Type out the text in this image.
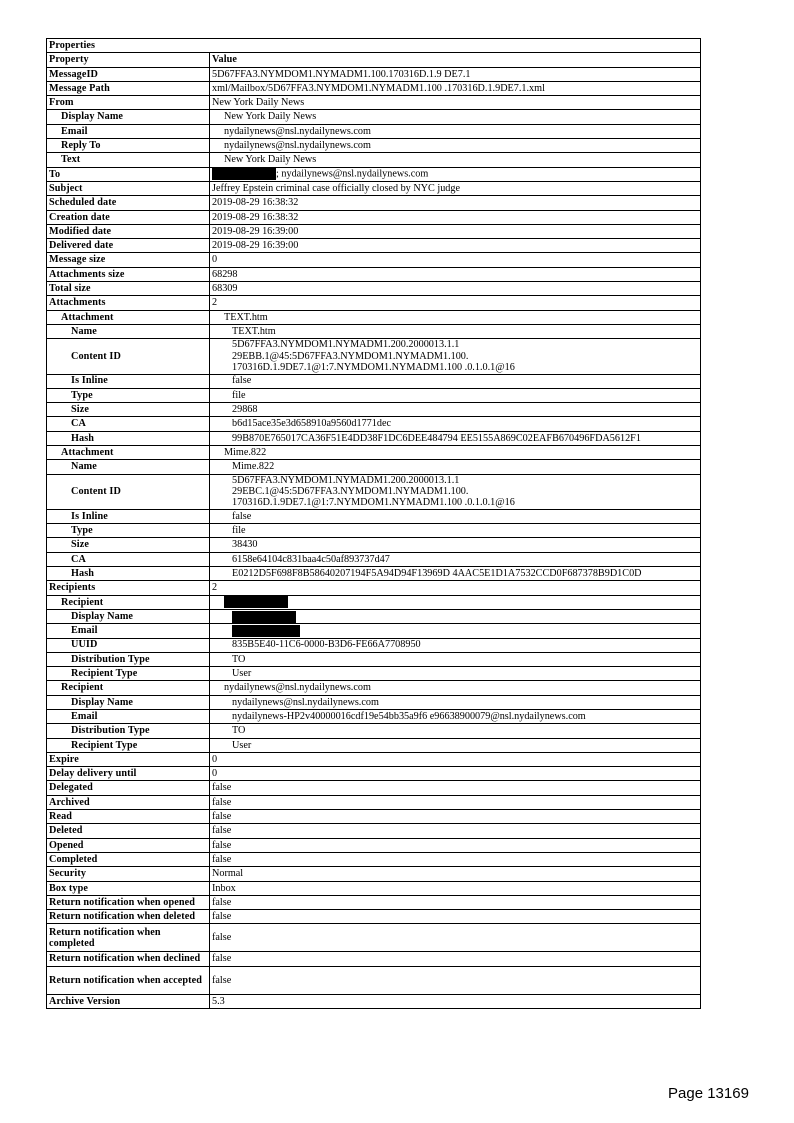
Properties	
Property	Value
MessageID	5D67FFA3.NYMDOM1.NYMADM1.100.170316D.1.9 DE7.1
Message Path	xml/Mailbox/5D67FFA3.NYMDOM1.NYMADM1.100 .170316D.1.9DE7.1.xml
From	New York Daily News
Display Name	New York Daily News
Email	nydailynews@nsl.nydailynews.com
Reply To	nydailynews@nsl.nydailynews.com
Text	New York Daily News
To	; nydailynews@nsl.nydailynews.com
Subject	Jeffrey Epstein criminal case officially closed by NYC judge
Scheduled date	2019-08-29 16:38:32
Creation date	2019-08-29 16:38:32
Modified date	2019-08-29 16:39:00
Delivered date	2019-08-29 16:39:00
Message size	0
Attachments size	68298
Total size	68309
Attachments	2
Attachment	TEXT.htm
Name	TEXT.htm
Content ID	5D67FFA3.NYMDOM1.NYMADM1.200.2000013.1.1
29EBB.1@45:5D67FFA3.NYMDOM1.NYMADM1.100.
170316D.1.9DE7.1@1:7.NYMDOM1.NYMADM1.100 .0.1.0.1@16

Is Inline	false
Type	file
Size	29868
CA	b6d15ace35e3d658910a9560d1771dec
Hash	99B870E765017CA36F51E4DD38F1DC6DEE484794 EE5155A869C02EAFB670496FDA5612F1
Attachment	Mime.822
Name	Mime.822
Content ID	5D67FFA3.NYMDOM1.NYMADM1.200.2000013.1.1
29EBC.1@45:5D67FFA3.NYMDOM1.NYMADM1.100.
170316D.1.9DE7.1@1:7.NYMDOM1.NYMADM1.100 .0.1.0.1@16

Is Inline	false
Type	file
Size	38430
CA	6158e64104c831baa4c50af893737d47
Hash	E0212D5F698F8B58640207194F5A94D94F13969D 4AAC5E1D1A7532CCD0F687378B9D1C0D
Recipients	2
Recipient	
Display Name	
Email	
UUID	835B5E40-11C6-0000-B3D6-FE66A7708950
Distribution Type	TO
Recipient Type	User
Recipient	nydailynews@nsl.nydailynews.com
Display Name	nydailynews@nsl.nydailynews.com
Email	nydailynews-HP2v40000016cdf19e54bb35a9f6 e96638900079@nsl.nydailynews.com
Distribution Type	TO
Recipient Type	User
Expire	0
Delay delivery until	0
Delegated	false
Archived	false
Read	false
Deleted	false
Opened	false
Completed	false
Security	Normal
Box type	Inbox
Return notification when opened	false
Return notification when deleted	false
Return notification when completed	false
Return notification when declined	false
Return notification when accepted	false
Archive Version	5.3
Page 13169
